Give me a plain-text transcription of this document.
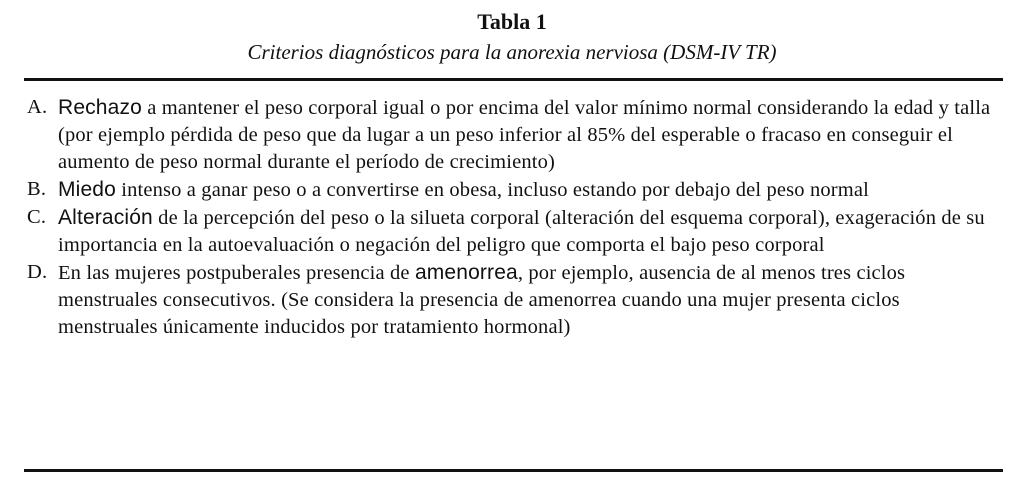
Tabla 1
Criterios diagnósticos para la anorexia nerviosa (DSM-IV TR)
A. Rechazo a mantener el peso corporal igual o por encima del valor mínimo normal considerando la edad y talla (por ejemplo pérdida de peso que da lugar a un peso inferior al 85% del esperable o fracaso en conseguir el aumento de peso normal durante el período de crecimiento)
B. Miedo intenso a ganar peso o a convertirse en obesa, incluso estando por debajo del peso normal
C. Alteración de la percepción del peso o la silueta corporal (alteración del esquema corporal), exageración de su importancia en la autoevaluación o negación del peligro que comporta el bajo peso corporal
D. En las mujeres postpuberales presencia de amenorrea, por ejemplo, ausencia de al menos tres ciclos menstruales consecutivos. (Se considera la presencia de amenorrea cuando una mujer presenta ciclos menstruales únicamente inducidos por tratamiento hormonal)
